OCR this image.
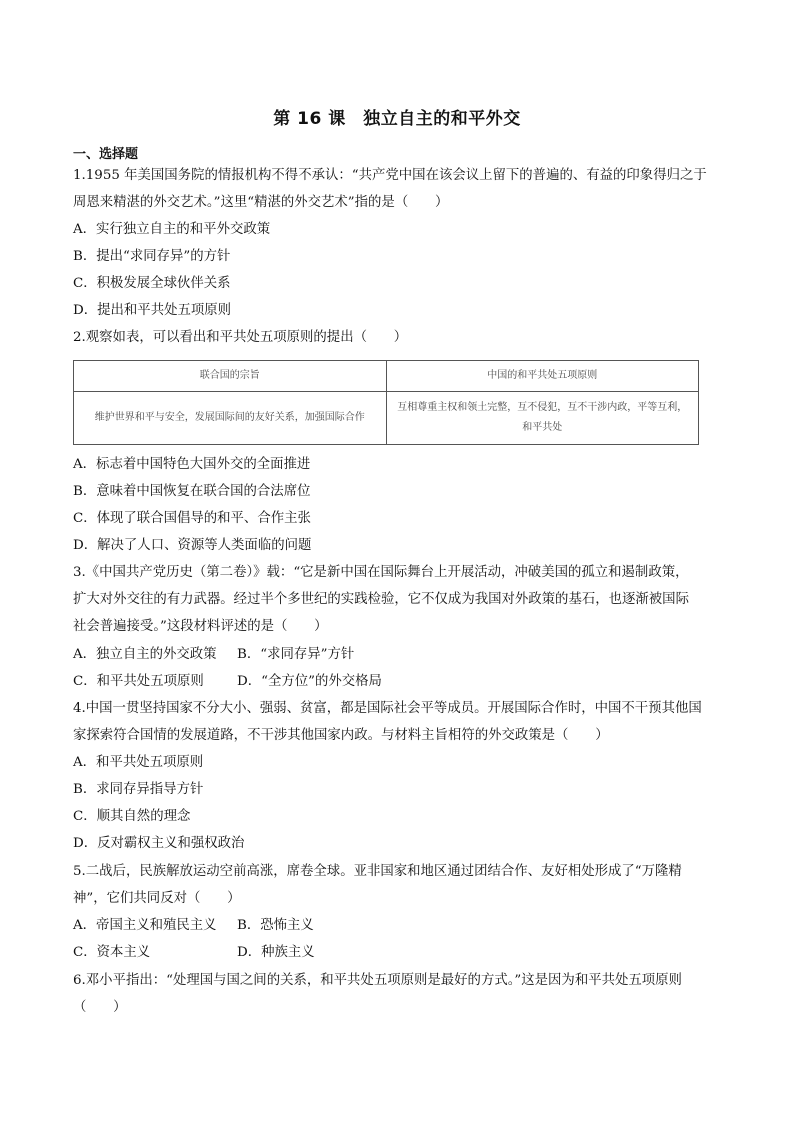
第 16 课　独立自主的和平外交
一、选择题
1.1955 年美国国务院的情报机构不得不承认：“共产党中国在该会议上留下的普遍的、有益的印象得归之于
周恩来精湛的外交艺术。”这里“精湛的外交艺术”指的是（　　）
A．实行独立自主的和平外交政策
B．提出“求同存异”的方针
C．积极发展全球伙伴关系
D．提出和平共处五项原则
2.观察如表，可以看出和平共处五项原则的提出（　　）
联合国的宗旨	中国的和平共处五项原则
维护世界和平与安全，发展国际间的友好关系，加强国际合作	互相尊重主权和领土完整，互不侵犯，互不干涉内政，平等互利，和平共处
A．标志着中国特色大国外交的全面推进
B．意味着中国恢复在联合国的合法席位
C．体现了联合国倡导的和平、合作主张
D．解决了人口、资源等人类面临的问题
3.《中国共产党历史（第二卷）》载：“它是新中国在国际舞台上开展活动，冲破美国的孤立和遏制政策，
扩大对外交往的有力武器。经过半个多世纪的实践检验，它不仅成为我国对外政策的基石，也逐渐被国际
社会普遍接受。”这段材料评述的是（　　）
A．独立自主的外交政策 B．“求同存异”方针
C．和平共处五项原则 D．“全方位”的外交格局
4.中国一贯坚持国家不分大小、强弱、贫富，都是国际社会平等成员。开展国际合作时，中国不干预其他国
家探索符合国情的发展道路，不干涉其他国家内政。与材料主旨相符的外交政策是（　　）
A．和平共处五项原则
B．求同存异指导方针
C．顺其自然的理念
D．反对霸权主义和强权政治
5.二战后，民族解放运动空前高涨，席卷全球。亚非国家和地区通过团结合作、友好相处形成了“万隆精
神”，它们共同反对（　　）
A．帝国主义和殖民主义 B．恐怖主义
C．资本主义	D．种族主义
6.邓小平指出：“处理国与国之间的关系，和平共处五项原则是最好的方式。”这是因为和平共处五项原则
（　　）
